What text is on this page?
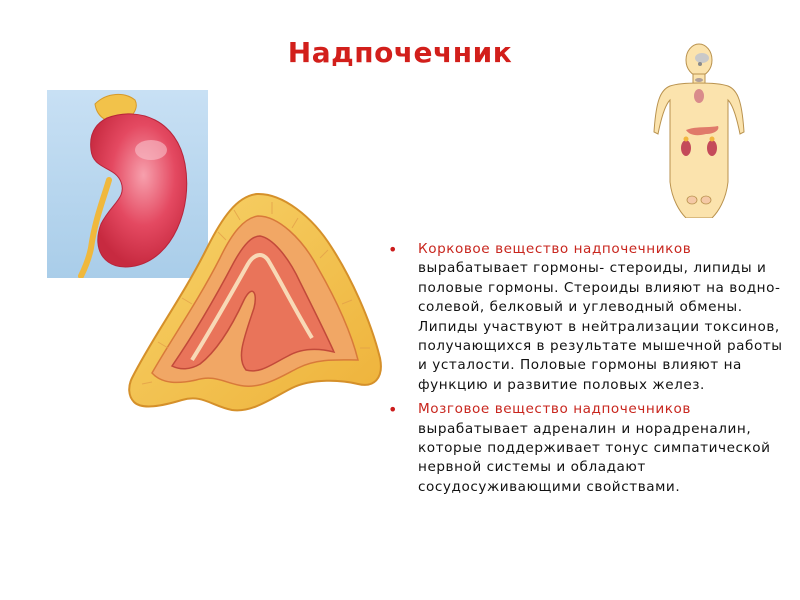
Надпочечник

• Корковое вещество надпочечников вырабатывает гормоны- стероиды, липиды и половые гормоны. Стероиды влияют на водно-солевой, белковый и углеводный обмены. Липиды участвуют в нейтрализации токсинов, получающихся в результате мышечной работы и усталости. Половые гормоны влияют на функцию и развитие половых желез.

• Мозговое вещество надпочечников вырабатывает адреналин и норадреналин, которые поддерживает тонус симпатической нервной системы и обладают сосудосуживающими свойствами.
